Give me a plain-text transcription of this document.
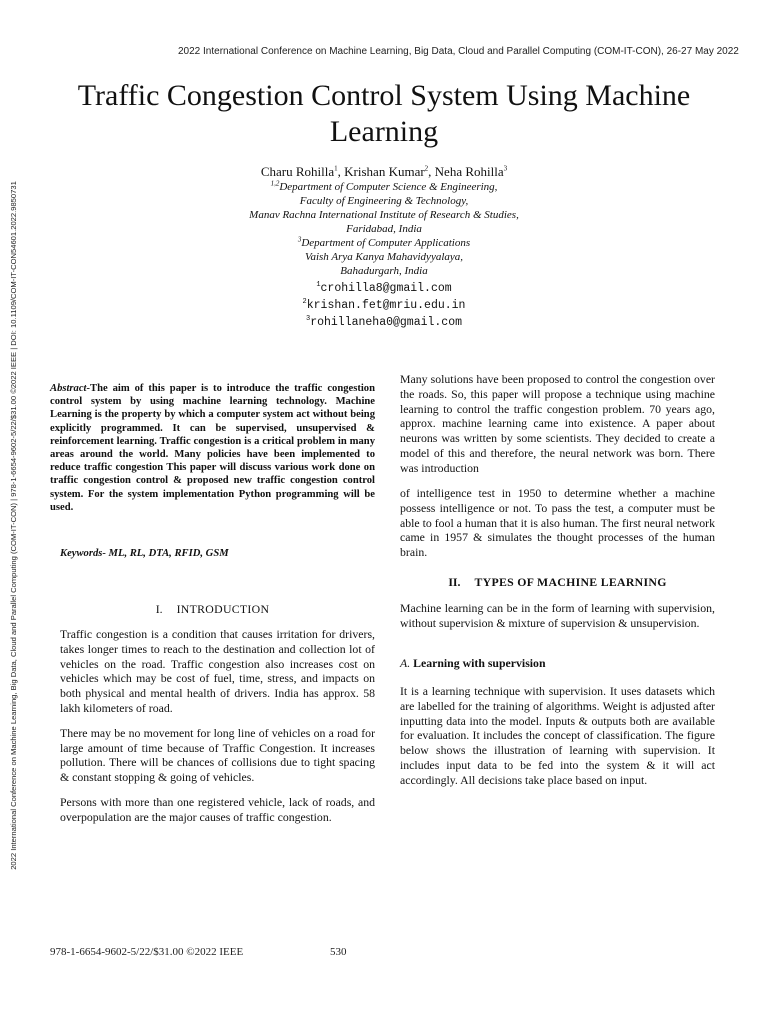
2022 International Conference on Machine Learning, Big Data, Cloud and Parallel Computing (COM-IT-CON), 26-27 May 2022
2022 International Conference on Machine Learning, Big Data, Cloud and Parallel Computing (COM-IT-CON) | 978-1-6654-9602-5/22/$31.00 ©2022 IEEE | DOI: 10.1109/COM-IT-CON54601.2022.9850731
Traffic Congestion Control System Using Machine
Learning
Charu Rohilla$^1$, Krishan Kumar$^2$, Neha Rohilla$^3$
$^{1,2}$Department of Computer Science & Engineering,
Faculty of Engineering & Technology,
Manav Rachna International Institute of Research & Studies,
Faridabad, India
$^3$Department of Computer Applications
Vaish Arya Kanya Mahavidyyalaya,
Bahadurgarh, India
$^1$crohilla8@gmail.com
$^2$krishan.fet@mriu.edu.in
$^3$rohillaneha0@gmail.com
Abstract-The aim of this paper is to introduce the traffic congestion control system by using machine learning technology. Machine Learning is the property by which a computer system act without being explicitly programmed. It can be supervised, unsupervised & reinforcement learning. Traffic congestion is a critical problem in many areas around the world. Many policies have been implemented to reduce traffic congestion This paper will discuss various work done on traffic congestion control & proposed new traffic congestion control system. For the system implementation Python programming will be used.
Keywords- ML, RL, DTA, RFID, GSM
I. INTRODUCTION

Traffic congestion is a condition that causes irritation for drivers, takes longer times to reach to the destination and collection lot of vehicles on the road. Traffic congestion also increases cost on vehicles which may be cost of fuel, time, stress, and impacts on both physical and mental health of drivers. India has approx. 58 lakh kilometers of road.

There may be no movement for long line of vehicles on a road for large amount of time because of Traffic Congestion. It increases pollution. There will be chances of collisions due to tight spacing & constant stopping & going of vehicles.

Persons with more than one registered vehicle, lack of roads, and overpopulation are the major causes of traffic congestion.

Many solutions have been proposed to control the congestion over the roads. So, this paper will propose a technique using machine learning to control the traffic congestion problem. 70 years ago, approx. machine learning came into existence. A paper about neurons was written by some scientists. They decided to create a model of this and therefore, the neural network was born. There was introduction
of intelligence test in 1950 to determine whether a machine possess intelligence or not. To pass the test, a computer must be able to fool a human that it is also human. The first neural network came in 1957 & simulates the thought processes of the human brain.
II. TYPES OF MACHINE LEARNING
Machine learning can be in the form of learning with supervision, without supervision & mixture of supervision & unsupervision.
A. Learning with supervision
It is a learning technique with supervision. It uses datasets which are labelled for the training of algorithms. Weight is adjusted after inputting data into the model. Inputs & outputs both are available for evaluation. It includes the concept of classification. The figure below shows the illustration of learning with supervision. It includes input data to be fed into the system & it will act accordingly. All decisions take place based on input.
978-1-6654-9602-5/22/$31.00 ©2022 IEEE	530
